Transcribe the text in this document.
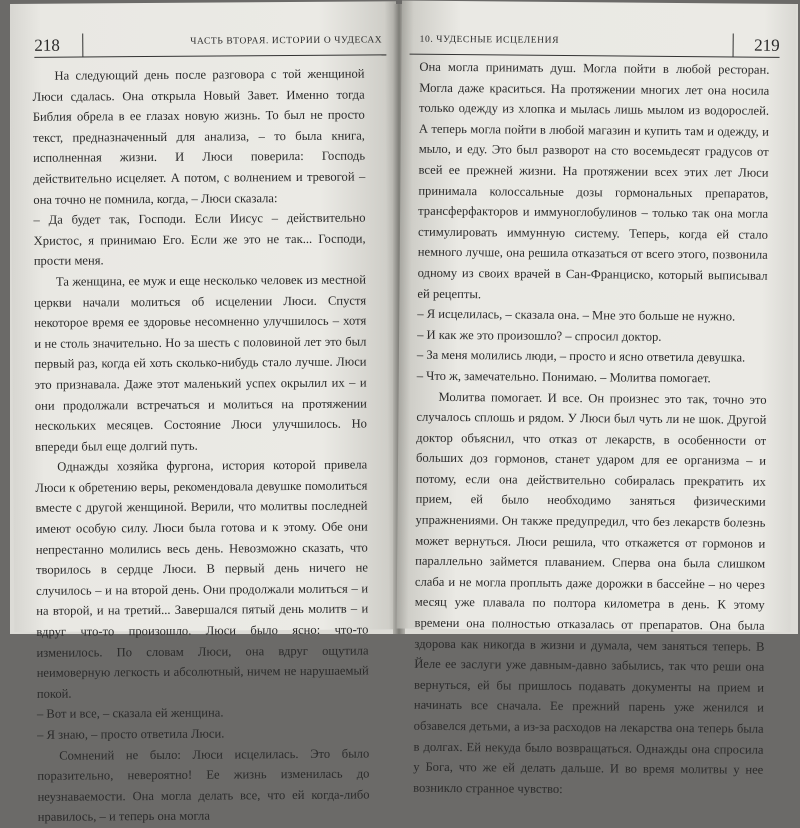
218	ЧАСТЬ ВТОРАЯ. ИСТОРИИ О ЧУДЕСАХ

На следующий день после разговора с той женщиной Люси сдалась. Она открыла Новый Завет. Именно тогда Библия обрела в ее глазах новую жизнь. То был не просто текст, предназначенный для анализа, – то была книга, исполненная жизни. И Люси поверила: Господь действительно исцеляет. А потом, с волнением и тревогой – она точно не помнила, когда, – Люси сказала:

– Да будет так, Господи. Если Иисус – действительно Христос, я принимаю Его. Если же это не так... Господи, прости меня.

Та женщина, ее муж и еще несколько человек из местной церкви начали молиться об исцелении Люси. Спустя некоторое время ее здоровье несомненно улучшилось – хотя и не столь значительно. Но за шесть с половиной лет это был первый раз, когда ей хоть сколько-нибудь стало лучше. Люси это признавала. Даже этот маленький успех окрылил их – и они продолжали встречаться и молиться на протяжении нескольких месяцев. Состояние Люси улучшилось. Но впереди был еще долгий путь.

Однажды хозяйка фургона, история которой привела Люси к обретению веры, рекомендовала девушке помолиться вместе с другой женщиной. Верили, что молитвы последней имеют особую силу. Люси была готова и к этому. Обе они непрестанно молились весь день. Невозможно сказать, что творилось в сердце Люси. В первый день ничего не случилось – и на второй день. Они продолжали молиться – и на второй, и на третий... Завершался пятый день молитв – и вдруг что-то произошло. Люси было ясно: что-то изменилось. По словам Люси, она вдруг ощутила неимоверную легкость и абсолютный, ничем не нарушаемый покой.

– Вот и все, – сказала ей женщина.

– Я знаю, – просто ответила Люси.

Сомнений не было: Люси исцелилась. Это было поразительно, невероятно! Ее жизнь изменилась до неузнаваемости. Она могла делать все, что ей когда-либо нравилось, – и теперь она могла

10. ЧУДЕСНЫЕ ИСЦЕЛЕНИЯ	219

Она могла принимать душ. Могла пойти в любой ресторан. Могла даже краситься. На протяжении многих лет она носила только одежду из хлопка и мылась лишь мылом из водорослей. А теперь могла пойти в любой магазин и купить там и одежду, и мыло, и еду. Это был разворот на сто восемьдесят градусов от всей ее прежней жизни. На протяжении всех этих лет Люси принимала колоссальные дозы гормональных препаратов, трансферфакторов и иммуноглобулинов – только так она могла стимулировать иммунную систему. Теперь, когда ей стало немного лучше, она решила отказаться от всего этого, позвонила одному из своих врачей в Сан-Франциско, который выписывал ей рецепты.

– Я исцелилась, – сказала она. – Мне это больше не нужно.

– И как же это произошло? – спросил доктор.

– За меня молились люди, – просто и ясно ответила девушка.

– Что ж, замечательно. Понимаю. – Молитва помогает.

Молитва помогает. И все. Он произнес это так, точно это случалось сплошь и рядом. У Люси был чуть ли не шок. Другой доктор объяснил, что отказ от лекарств, в особенности от больших доз гормонов, станет ударом для ее организма – и потому, если она действительно собиралась прекратить их прием, ей было необходимо заняться физическими упражнениями. Он также предупредил, что без лекарств болезнь может вернуться. Люси решила, что откажется от гормонов и параллельно займется плаванием. Сперва она была слишком слаба и не могла проплыть даже дорожки в бассейне – но через месяц уже плавала по полтора километра в день. К этому времени она полностью отказалась от препаратов. Она была здорова как никогда в жизни и думала, чем заняться теперь. В Йеле ее заслуги уже давным-давно забылись, так что реши она вернуться, ей бы пришлось подавать документы на прием и начинать все сначала. Ее прежний парень уже женился и обзавелся детьми, а из-за расходов на лекарства она теперь была в долгах. Ей некуда было возвращаться. Однажды она спросила у Бога, что же ей делать дальше. И во время молитвы у нее возникло странное чувство:
